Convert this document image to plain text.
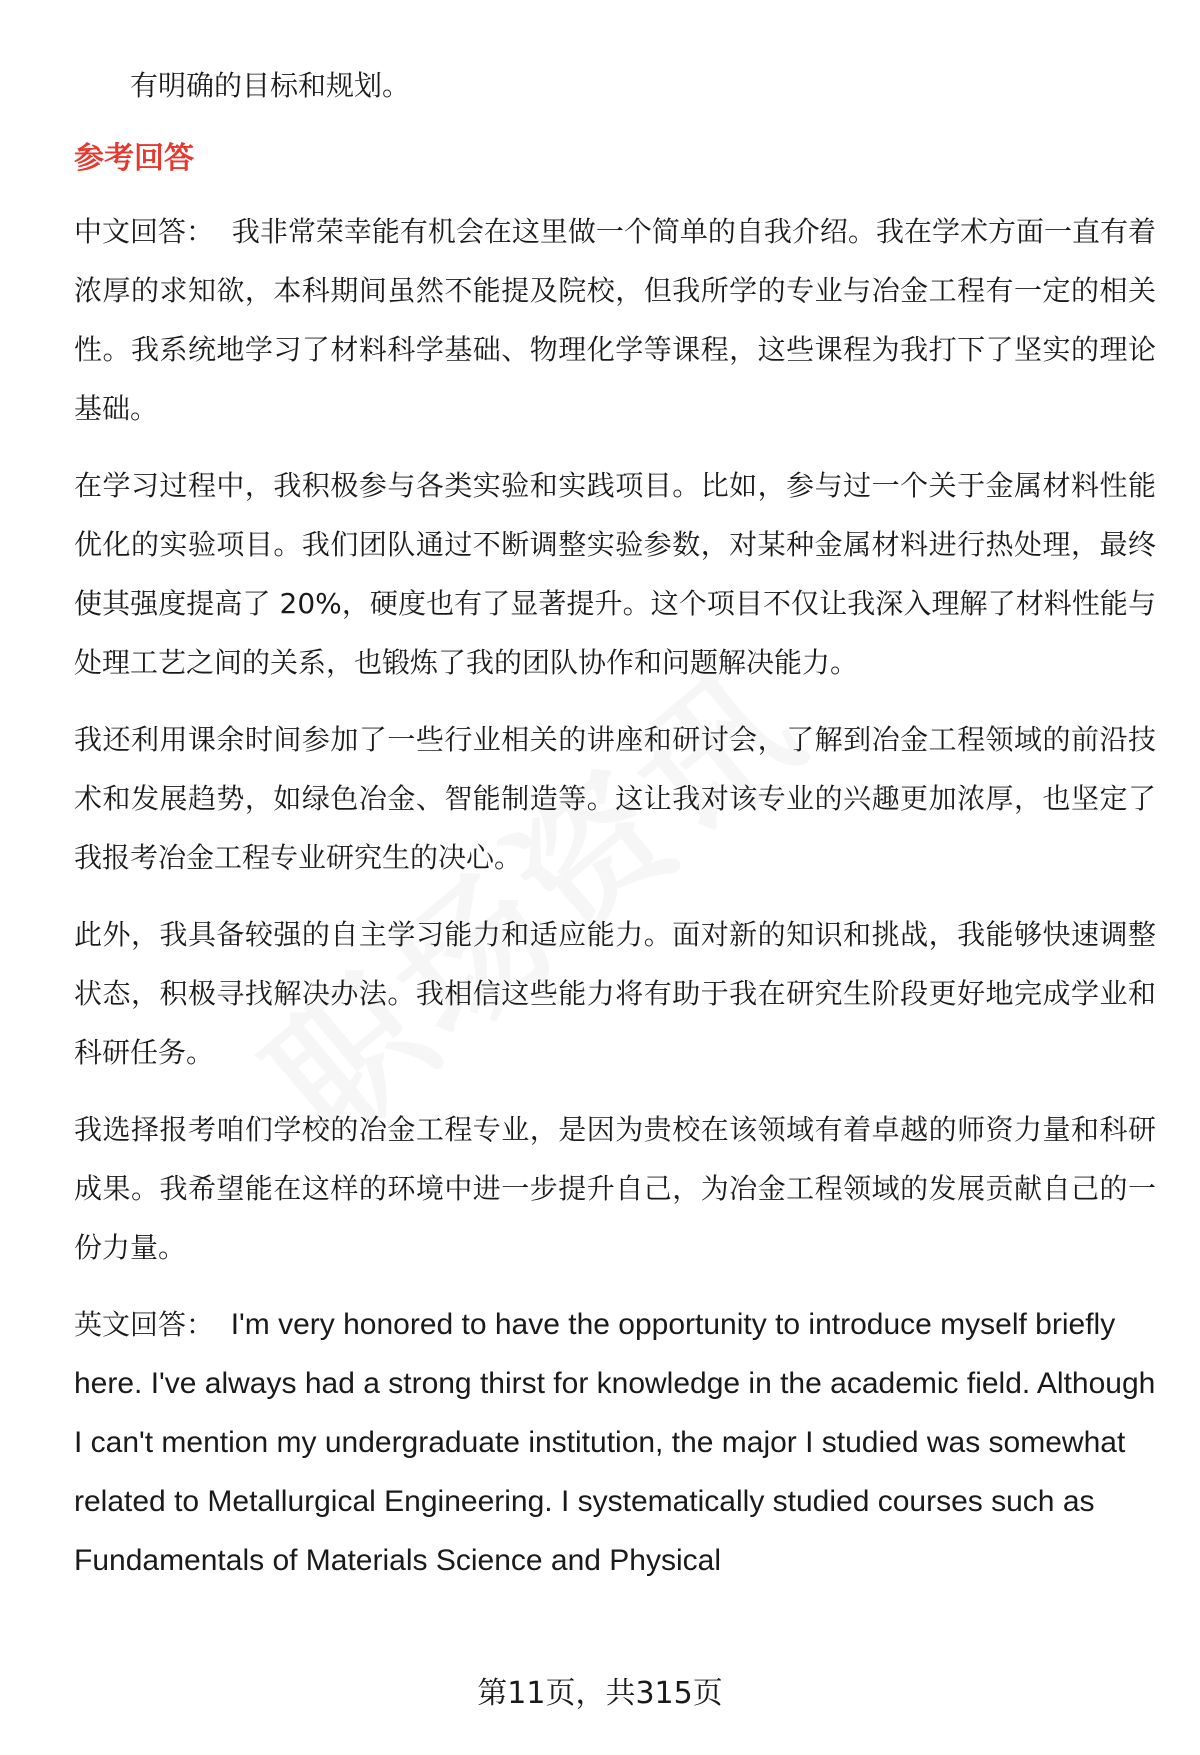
有明确的目标和规划。

参考回答

中文回答： 我非常荣幸能有机会在这里做一个简单的自我介绍。我在学术方面一直有着浓厚的求知欲，本科期间虽然不能提及院校，但我所学的专业与冶金工程有一定的相关性。我系统地学习了材料科学基础、物理化学等课程，这些课程为我打下了坚实的理论基础。

在学习过程中，我积极参与各类实验和实践项目。比如，参与过一个关于金属材料性能优化的实验项目。我们团队通过不断调整实验参数，对某种金属材料进行热处理，最终使其强度提高了 20%，硬度也有了显著提升。这个项目不仅让我深入理解了材料性能与处理工艺之间的关系，也锻炼了我的团队协作和问题解决能力。

我还利用课余时间参加了一些行业相关的讲座和研讨会，了解到冶金工程领域的前沿技术和发展趋势，如绿色冶金、智能制造等。这让我对该专业的兴趣更加浓厚，也坚定了我报考冶金工程专业研究生的决心。

此外，我具备较强的自主学习能力和适应能力。面对新的知识和挑战，我能够快速调整状态，积极寻找解决办法。我相信这些能力将有助于我在研究生阶段更好地完成学业和科研任务。

我选择报考咱们学校的冶金工程专业，是因为贵校在该领域有着卓越的师资力量和科研成果。我希望能在这样的环境中进一步提升自己，为冶金工程领域的发展贡献自己的一份力量。

英文回答： I'm very honored to have the opportunity to introduce myself briefly here. I've always had a strong thirst for knowledge in the academic field. Although I can't mention my undergraduate institution, the major I studied was somewhat related to Metallurgical Engineering. I systematically studied courses such as Fundamentals of Materials Science and Physical

第11页，共315页
